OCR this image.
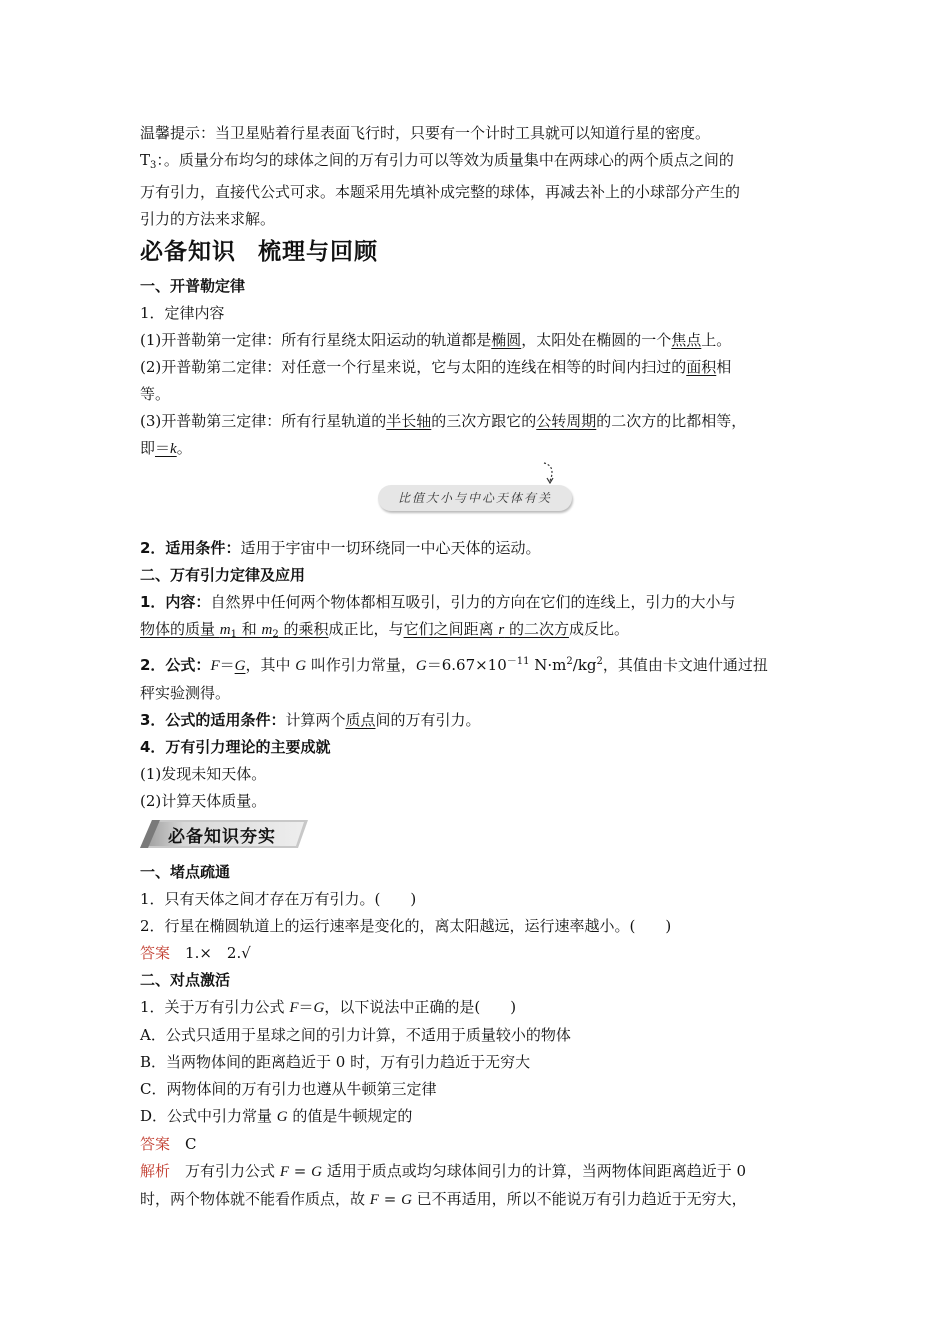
温馨提示：当卫星贴着行星表面飞行时，只要有一个计时工具就可以知道行星的密度。
$T_3$：。质量分布均匀的球体之间的万有引力可以等效为质量集中在两球心的两个质点之间的
万有引力，直接代公式可求。本题采用先填补成完整的球体，再减去补上的小球部分产生的
引力的方法来求解。
必备知识 梳理与回顾
一、开普勒定律
1．定律内容
(1)开普勒第一定律：所有行星绕太阳运动的轨道都是椭圆，太阳处在椭圆的一个焦点上。
(2)开普勒第二定律：对任意一个行星来说，它与太阳的连线在相等的时间内扫过的面积相
等。
(3)开普勒第三定律：所有行星轨道的半长轴的三次方跟它的公转周期的二次方的比都相等，
即＝k。
比值大小与中心天体有关
2．适用条件：适用于宇宙中一切环绕同一中心天体的运动。
二、万有引力定律及应用
1．内容：自然界中任何两个物体都相互吸引，引力的方向在它们的连线上，引力的大小与
物体的质量 $m_1$ 和 $m_2$ 的乘积成正比，与它们之间距离 r 的二次方成反比。
2．公式：F＝G，其中 G 叫作引力常量，$G=6.67\times 10^{-11}$ $N\cdot m^2/kg^2$，其值由卡文迪什通过扭
秤实验测得。
3．公式的适用条件：计算两个质点间的万有引力。
4．万有引力理论的主要成就
(1)发现未知天体。
(2)计算天体质量。
必备知识夯实
一、堵点疏通
1．只有天体之间才存在万有引力。(　　)
2．行星在椭圆轨道上的运行速率是变化的，离太阳越远，运行速率越小。(　　)
答案　 1.×　2.√
二、对点激活
1．关于万有引力公式 F＝G，以下说法中正确的是(　　)
A．公式只适用于星球之间的引力计算，不适用于质量较小的物体
B．当两物体间的距离趋近于 0 时，万有引力趋近于无穷大
C．两物体间的万有引力也遵从牛顿第三定律
D．公式中引力常量 G 的值是牛顿规定的
答案　 C
解析　 万有引力公式 F = G 适用于质点或均匀球体间引力的计算，当两物体间距离趋近于 0
时，两个物体就不能看作质点，故 F = G 已不再适用，所以不能说万有引力趋近于无穷大，
